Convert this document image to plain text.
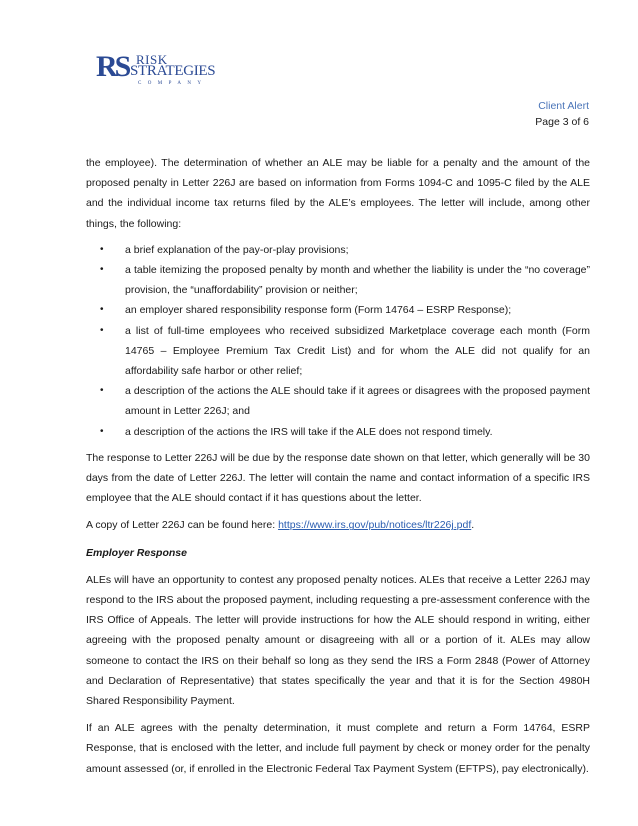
RS RISK
STRATEGIES
COMPANY
Client Alert
Page 3 of 6

the employee). The determination of whether an ALE may be liable for a penalty and the amount of the proposed penalty in Letter 226J are based on information from Forms 1094-C and 1095-C filed by the ALE and the individual income tax returns filed by the ALE’s employees. The letter will include, among other things, the following:

• a brief explanation of the pay-or-play provisions;
• a table itemizing the proposed penalty by month and whether the liability is under the “no coverage” provision, the “unaffordability” provision or neither;
• an employer shared responsibility response form (Form 14764 – ESRP Response);
• a list of full-time employees who received subsidized Marketplace coverage each month (Form 14765 – Employee Premium Tax Credit List) and for whom the ALE did not qualify for an affordability safe harbor or other relief;
• a description of the actions the ALE should take if it agrees or disagrees with the proposed payment amount in Letter 226J; and
• a description of the actions the IRS will take if the ALE does not respond timely.

The response to Letter 226J will be due by the response date shown on that letter, which generally will be 30 days from the date of Letter 226J. The letter will contain the name and contact information of a specific IRS employee that the ALE should contact if it has questions about the letter.

A copy of Letter 226J can be found here: https://www.irs.gov/pub/notices/ltr226j.pdf.

Employer Response

ALEs will have an opportunity to contest any proposed penalty notices. ALEs that receive a Letter 226J may respond to the IRS about the proposed payment, including requesting a pre-assessment conference with the IRS Office of Appeals. The letter will provide instructions for how the ALE should respond in writing, either agreeing with the proposed penalty amount or disagreeing with all or a portion of it. ALEs may allow someone to contact the IRS on their behalf so long as they send the IRS a Form 2848 (Power of Attorney and Declaration of Representative) that states specifically the year and that it is for the Section 4980H Shared Responsibility Payment.

If an ALE agrees with the penalty determination, it must complete and return a Form 14764, ESRP Response, that is enclosed with the letter, and include full payment by check or money order for the penalty amount assessed (or, if enrolled in the Electronic Federal Tax Payment System (EFTPS), pay electronically).
